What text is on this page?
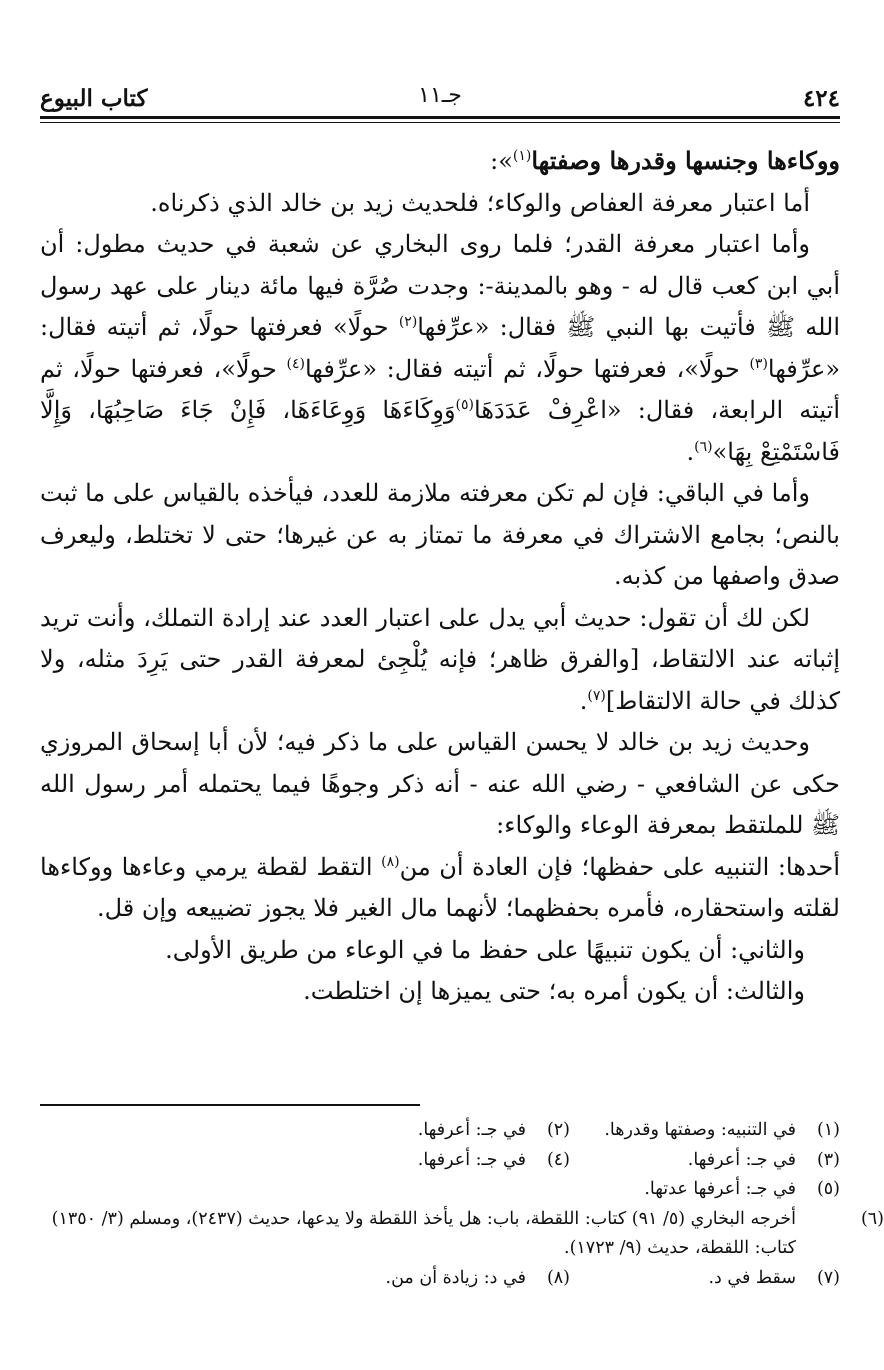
٤٢٤
جـ١١
كتاب البيوع

ووكاءها وجنسها وقدرها وصفتها$^{(١)}$»:

أما اعتبار معرفة العفاص والوكاء؛ فلحديث زيد بن خالد الذي ذكرناه.

وأما اعتبار معرفة القدر؛ فلما روى البخاري عن شعبة في حديث مطول: أن أبي ابن كعب قال له - وهو بالمدينة-: وجدت صُرَّة فيها مائة دينار على عهد رسول الله ﷺ فأتيت بها النبي ﷺ فقال: «عرِّفها$^{(٢)}$ حولًا» فعرفتها حولًا، ثم أتيته فقال: «عرِّفها$^{(٣)}$ حولًا»، فعرفتها حولًا، ثم أتيته فقال: «عرِّفها$^{(٤)}$ حولًا»، فعرفتها حولًا، ثم أتيته الرابعة، فقال: «اعْرِفْ عَدَدَهَا$^{(٥)}$وَوِكَاءَهَا وَوِعَاءَهَا، فَإِنْ جَاءَ صَاحِبُهَا، وَإِلَّا فَاسْتَمْتِعْ بِهَا»$^{(٦)}$.

وأما في الباقي: فإن لم تكن معرفته ملازمة للعدد، فيأخذه بالقياس على ما ثبت بالنص؛ بجامع الاشتراك في معرفة ما تمتاز به عن غيرها؛ حتى لا تختلط، وليعرف صدق واصفها من كذبه.

لكن لك أن تقول: حديث أبي يدل على اعتبار العدد عند إرادة التملك، وأنت تريد إثباته عند الالتقاط، [والفرق ظاهر؛ فإنه يُلْجِئ لمعرفة القدر حتى يَرِدَ مثله، ولا كذلك في حالة الالتقاط]$^{(٧)}$.

وحديث زيد بن خالد لا يحسن القياس على ما ذكر فيه؛ لأن أبا إسحاق المروزي حكى عن الشافعي - رضي الله عنه - أنه ذكر وجوهًا فيما يحتمله أمر رسول الله ﷺ للملتقط بمعرفة الوعاء والوكاء:

أحدها: التنبيه على حفظها؛ فإن العادة أن من$^{(٨)}$ التقط لقطة يرمي وعاءها ووكاءها لقلته واستحقاره، فأمره بحفظهما؛ لأنهما مال الغير فلا يجوز تضييعه وإن قل.

والثاني: أن يكون تنبيهًا على حفظ ما في الوعاء من طريق الأولى.

والثالث: أن يكون أمره به؛ حتى يميزها إن اختلطت.

(١)في التنبيه: وصفتها وقدرها.
(٢)في جـ: أعرفها.
(٣)في جـ: أعرفها.
(٤)في جـ: أعرفها.
(٥)في جـ: أعرفها عدتها.
(٦)أخرجه البخاري (٥/ ٩١) كتاب: اللقطة، باب: هل يأخذ اللقطة ولا يدعها، حديث (٢٤٣٧)، ومسلم (٣/ ١٣٥٠) كتاب: اللقطة، حديث (٩/ ١٧٢٣).
(٧)سقط في د.
(٨)في د: زيادة أن من.
